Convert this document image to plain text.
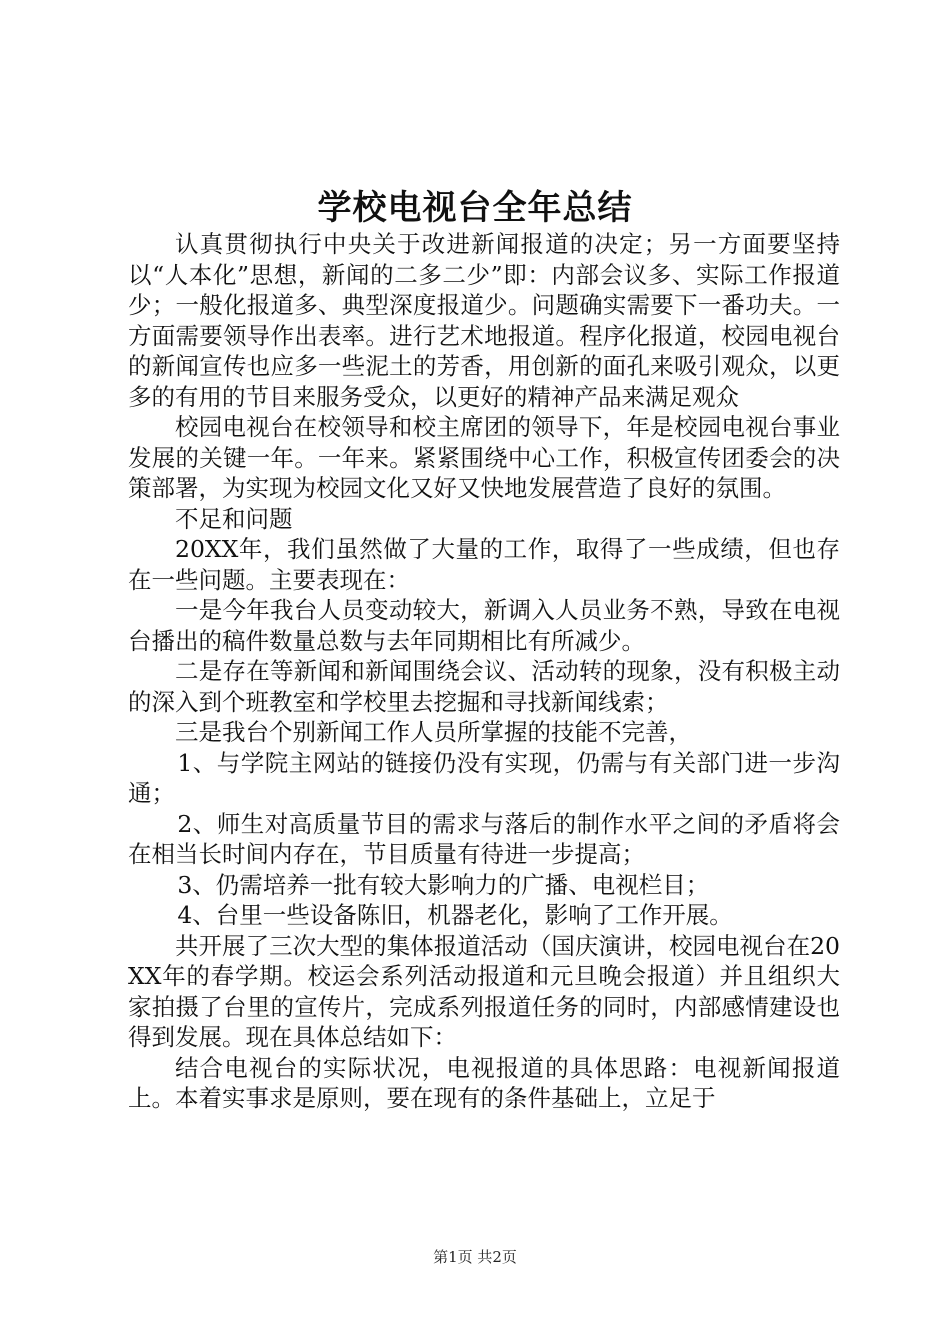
学校电视台全年总结

认真贯彻执行中央关于改进新闻报道的决定；另一方面要坚持以“人本化”思想，新闻的二多二少”即：内部会议多、实际工作报道少；一般化报道多、典型深度报道少。问题确实需要下一番功夫。一方面需要领导作出表率。进行艺术地报道。程序化报道，校园电视台的新闻宣传也应多一些泥土的芳香，用创新的面孔来吸引观众，以更多的有用的节目来服务受众，以更好的精神产品来满足观众

校园电视台在校领导和校主席团的领导下，年是校园电视台事业发展的关键一年。一年来。紧紧围绕中心工作，积极宣传团委会的决策部署，为实现为校园文化又好又快地发展营造了良好的氛围。

不足和问题

20XX年，我们虽然做了大量的工作，取得了一些成绩，但也存在一些问题。主要表现在：

一是今年我台人员变动较大，新调入人员业务不熟，导致在电视台播出的稿件数量总数与去年同期相比有所减少。

二是存在等新闻和新闻围绕会议、活动转的现象，没有积极主动的深入到个班教室和学校里去挖掘和寻找新闻线索；

三是我台个别新闻工作人员所掌握的技能不完善，

1、与学院主网站的链接仍没有实现，仍需与有关部门进一步沟通；

2、师生对高质量节目的需求与落后的制作水平之间的矛盾将会在相当长时间内存在，节目质量有待进一步提高；

3、仍需培养一批有较大影响力的广播、电视栏目；

4、台里一些设备陈旧，机器老化，影响了工作开展。

共开展了三次大型的集体报道活动（国庆演讲，校园电视台在20XX年的春学期。校运会系列活动报道和元旦晚会报道）并且组织大家拍摄了台里的宣传片，完成系列报道任务的同时，内部感情建设也得到发展。现在具体总结如下：

结合电视台的实际状况，电视报道的具体思路：电视新闻报道上。本着实事求是原则，要在现有的条件基础上，立足于

第1页 共2页
